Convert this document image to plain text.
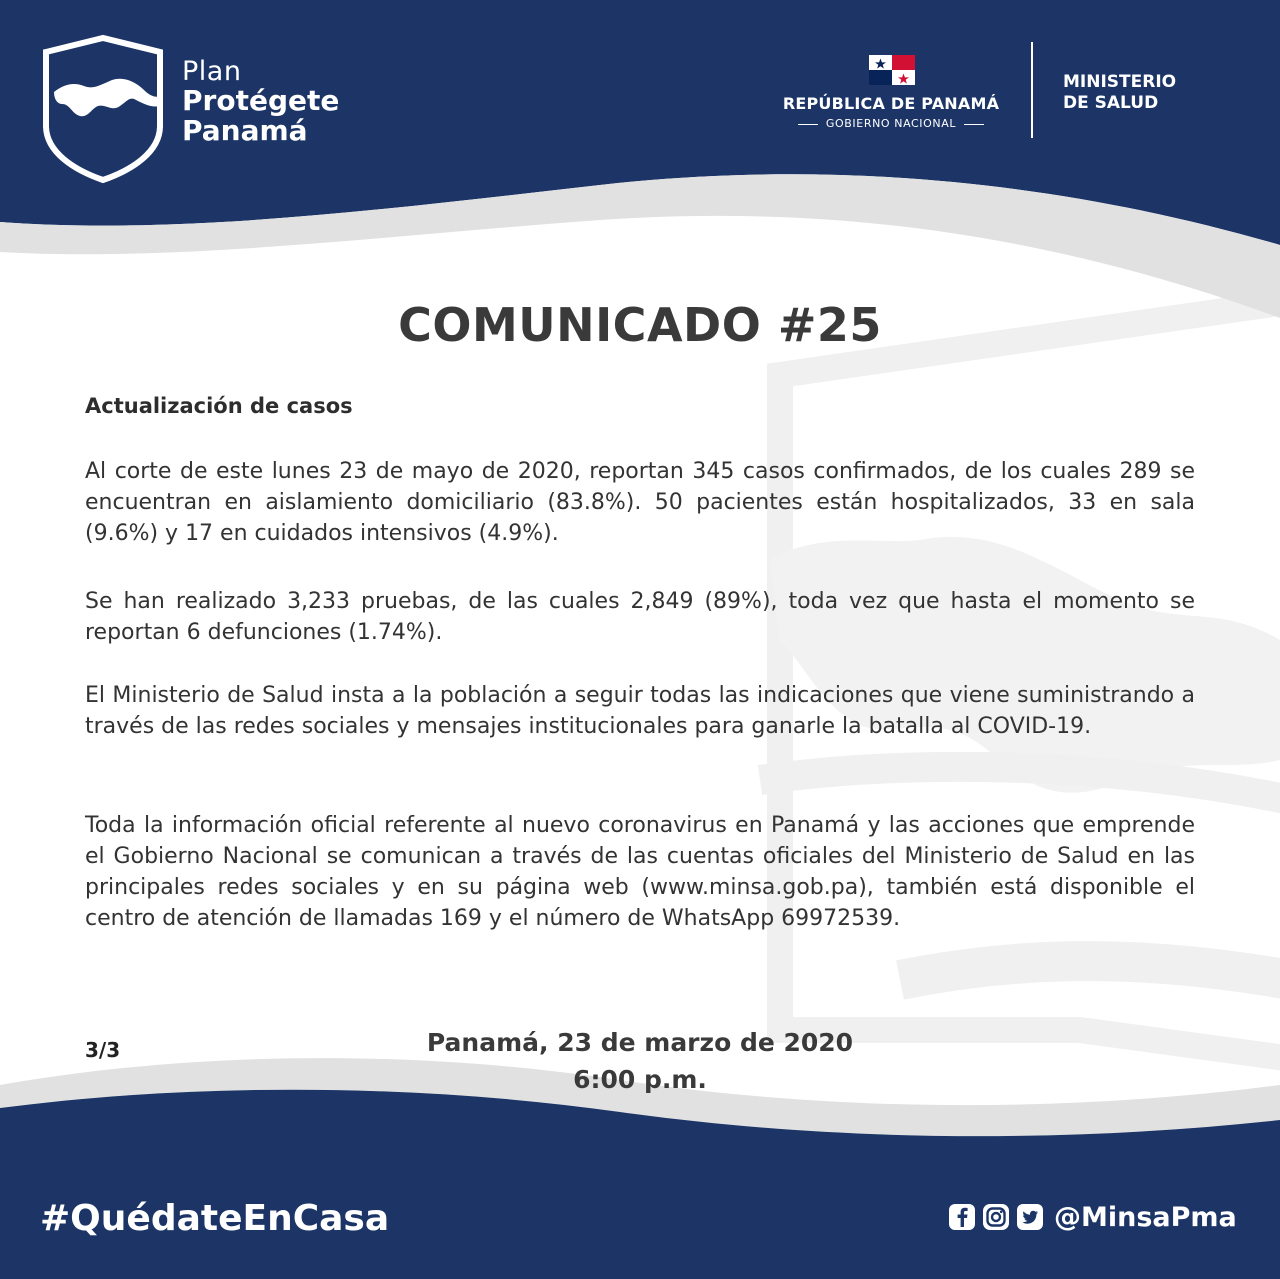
Plan
Protégete
Panamá
REPÚBLICA DE PANAMÁ
GOBIERNO NACIONAL
MINISTERIO
DE SALUD
COMUNICADO #25
Actualización de casos

Al corte de este lunes 23 de mayo de 2020, reportan 345 casos confirmados, de los cuales 289 se encuentran en aislamiento domiciliario (83.8%). 50 pacientes están hospitalizados, 33 en sala (9.6%) y 17 en cuidados intensivos (4.9%).

Se han realizado 3,233 pruebas, de las cuales 2,849 (89%), toda vez que hasta el momento se reportan 6 defunciones (1.74%).

El Ministerio de Salud insta a la población a seguir todas las indicaciones que viene suministrando a través de las redes sociales y mensajes institucionales para ganarle la batalla al COVID-19.

Toda la información oficial referente al nuevo coronavirus en Panamá y las acciones que emprende el Gobierno Nacional se comunican a través de las cuentas oficiales del Ministerio de Salud en las principales redes sociales y en su página web (www.minsa.gob.pa), también está disponible el centro de atención de llamadas 169 y el número de WhatsApp 69972539.

3/3	Panamá, 23 de marzo de 2020
6:00 p.m.
#QuédateEnCasa	@MinsaPma
